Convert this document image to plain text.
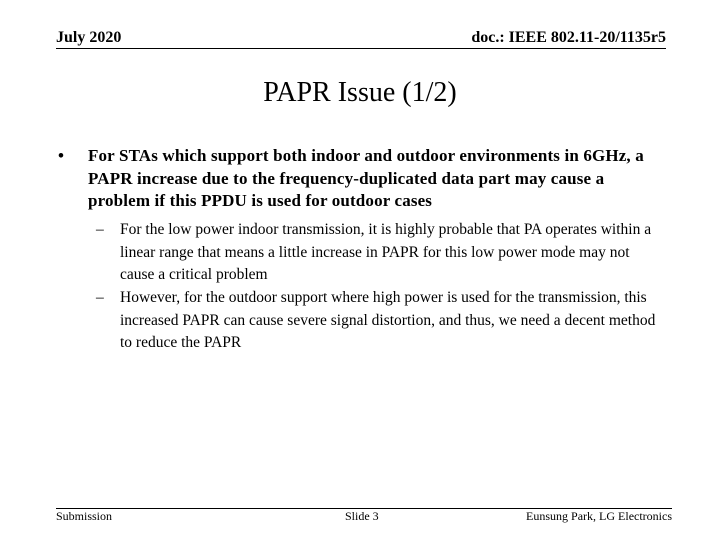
July 2020	doc.: IEEE 802.11-20/1135r5
PAPR Issue (1/2)
• For STAs which support both indoor and outdoor environments in 6GHz, a PAPR increase due to the frequency-duplicated data part may cause a problem if this PPDU is used for outdoor cases
– For the low power indoor transmission, it is highly probable that PA operates within a linear range that means a little increase in PAPR for this low power mode may not cause a critical problem
– However, for the outdoor support where high power is used for the transmission, this increased PAPR can cause severe signal distortion, and thus, we need a decent method to reduce the PAPR
Submission	Slide 3	Eunsung Park, LG Electronics
